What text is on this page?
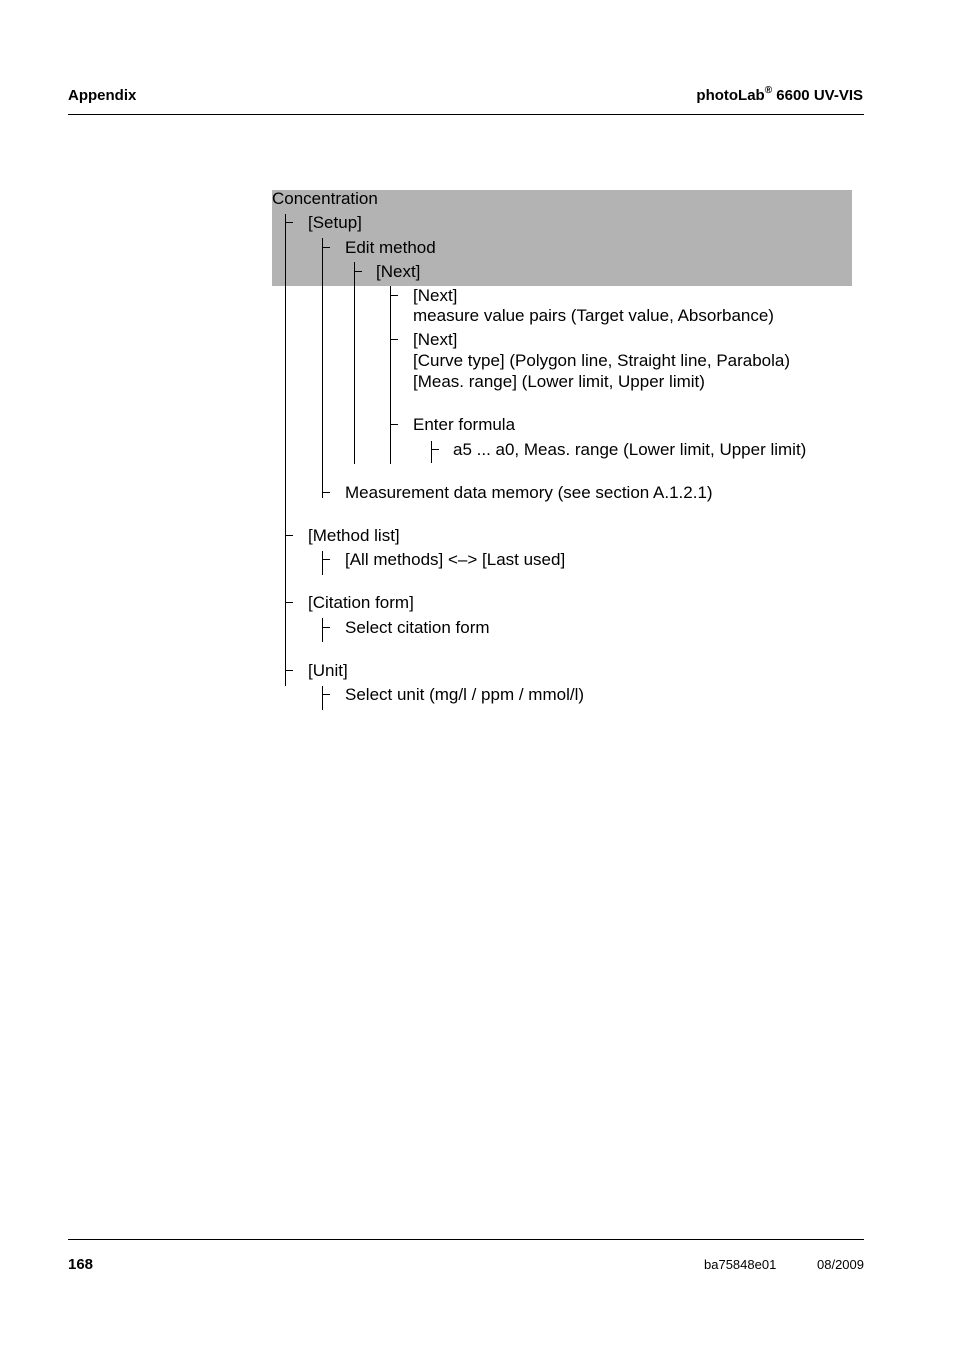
Appendix	photoLab® 6600 UV-VIS
Concentration
[Setup]
Edit method
[Next]
[Next]
measure value pairs (Target value, Absorbance)
[Next]
[Curve type] (Polygon line, Straight line, Parabola)
[Meas. range] (Lower limit, Upper limit)
Enter formula
a5 ... a0, Meas. range (Lower limit, Upper limit)
Measurement data memory (see section A.1.2.1)
[Method list]
[All methods] <–> [Last used]
[Citation form]
Select citation form
[Unit]
Select unit (mg/l / ppm / mmol/l)
168	ba75848e01	08/2009
